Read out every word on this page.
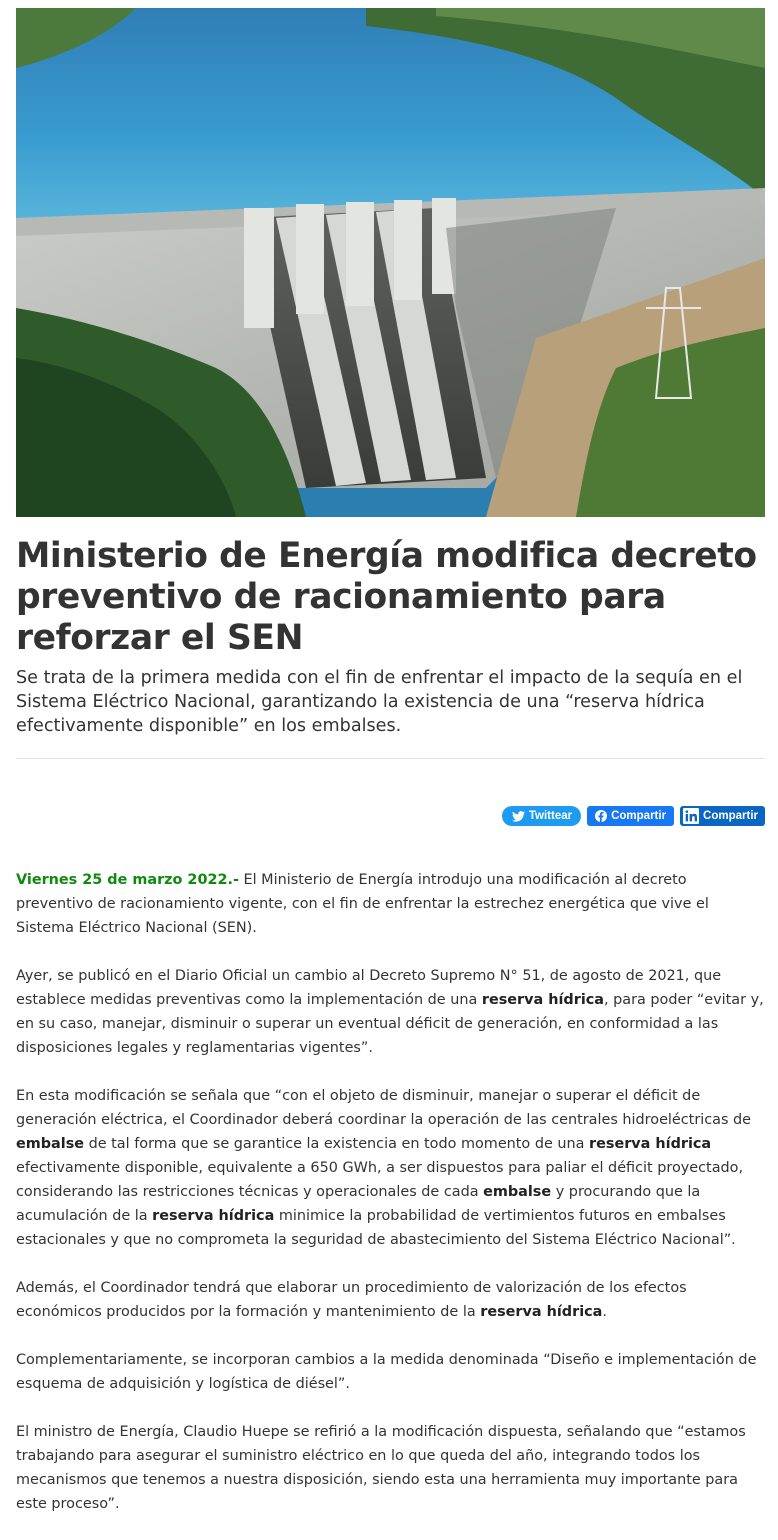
Ministerio de Energía modifica decreto preventivo de racionamiento para reforzar el SEN

Se trata de la primera medida con el fin de enfrentar el impacto de la sequía en el Sistema Eléctrico Nacional, garantizando la existencia de una “reserva hídrica efectivamente disponible” en los embalses.

Twittear	Compartir	Compartir

Viernes 25 de marzo 2022.- El Ministerio de Energía introdujo una modificación al decreto preventivo de racionamiento vigente, con el fin de enfrentar la estrechez energética que vive el Sistema Eléctrico Nacional (SEN).

Ayer, se publicó en el Diario Oficial un cambio al Decreto Supremo N° 51, de agosto de 2021, que establece medidas preventivas como la implementación de una reserva hídrica, para poder “evitar y, en su caso, manejar, disminuir o superar un eventual déficit de generación, en conformidad a las disposiciones legales y reglamentarias vigentes”.

En esta modificación se señala que “con el objeto de disminuir, manejar o superar el déficit de generación eléctrica, el Coordinador deberá coordinar la operación de las centrales hidroeléctricas de embalse de tal forma que se garantice la existencia en todo momento de una reserva hídrica efectivamente disponible, equivalente a 650 GWh, a ser dispuestos para paliar el déficit proyectado, considerando las restricciones técnicas y operacionales de cada embalse y procurando que la acumulación de la reserva hídrica minimice la probabilidad de vertimientos futuros en embalses estacionales y que no comprometa la seguridad de abastecimiento del Sistema Eléctrico Nacional”.

Además, el Coordinador tendrá que elaborar un procedimiento de valorización de los efectos económicos producidos por la formación y mantenimiento de la reserva hídrica.

Complementariamente, se incorporan cambios a la medida denominada “Diseño e implementación de esquema de adquisición y logística de diésel”.

El ministro de Energía, Claudio Huepe se refirió a la modificación dispuesta, señalando que “estamos trabajando para asegurar el suministro eléctrico en lo que queda del año, integrando todos los mecanismos que tenemos a nuestra disposición, siendo esta una herramienta muy importante para este proceso”.
